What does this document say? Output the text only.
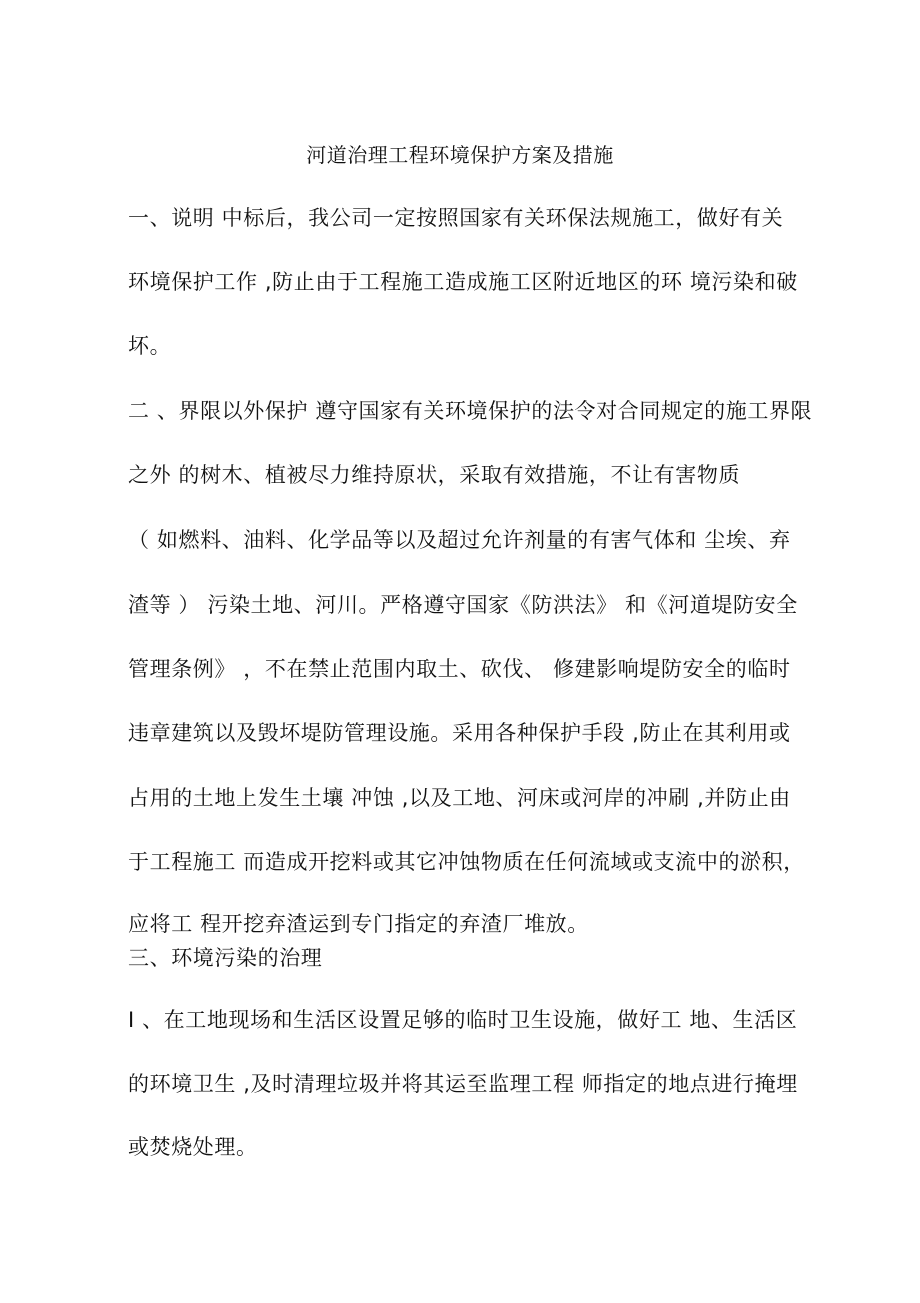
河道治理工程环境保护方案及措施
一、说明 中标后，我公司一定按照国家有关环保法规施工，做好有关
环境保护工作 ,防止由于工程施工造成施工区附近地区的环 境污染和破
坏。
二 、界限以外保护 遵守国家有关环境保护的法令对合同规定的施工界限
之外 的树木、植被尽力维持原状，采取有效措施，不让有害物质
（ 如燃料、油料、化学品等以及超过允许剂量的有害气体和 尘埃、弃
渣等 ） 污染土地、河川。严格遵守国家《防洪法》 和《河道堤防安全
管理条例》 ，不在禁止范围内取土、砍伐、 修建影响堤防安全的临时
违章建筑以及毁坏堤防管理设施。采用各种保护手段 ,防止在其利用或
占用的土地上发生土壤 冲蚀 ,以及工地、河床或河岸的冲刷 ,并防止由
于工程施工 而造成开挖料或其它冲蚀物质在任何流域或支流中的淤积，
应将工 程开挖弃渣运到专门指定的弃渣厂堆放。
三、环境污染的治理
I 、在工地现场和生活区设置足够的临时卫生设施，做好工 地、生活区
的环境卫生 ,及时清理垃圾并将其运至监理工程 师指定的地点进行掩埋
或焚烧处理。
